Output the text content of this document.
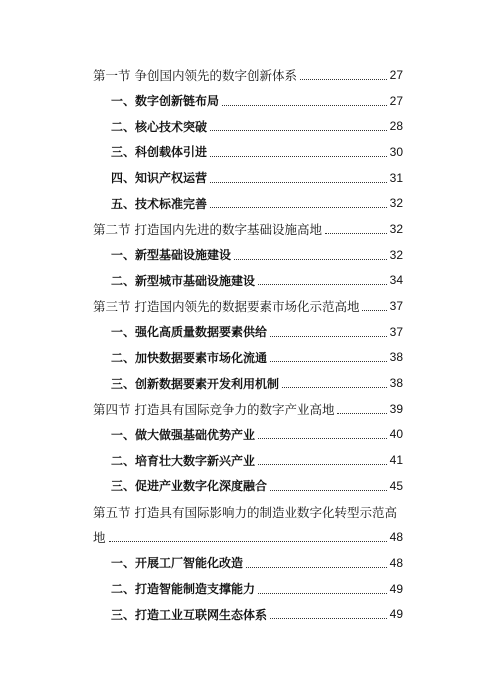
第一节 争创国内领先的数字创新体系	27
一、数字创新链布局	27
二、核心技术突破	28
三、科创载体引进	30
四、知识产权运营	31
五、技术标准完善	32
第二节 打造国内先进的数字基础设施高地	32
一、新型基础设施建设	32
二、新型城市基础设施建设	34
第三节 打造国内领先的数据要素市场化示范高地	37
一、强化高质量数据要素供给	37
二、加快数据要素市场化流通	38
三、创新数据要素开发利用机制	38
第四节 打造具有国际竞争力的数字产业高地	39
一、做大做强基础优势产业	40
二、培育壮大数字新兴产业	41
三、促进产业数字化深度融合	45
第五节 打造具有国际影响力的制造业数字化转型示范高
地	48
一、开展工厂智能化改造	48
二、打造智能制造支撑能力	49
三、打造工业互联网生态体系	49
